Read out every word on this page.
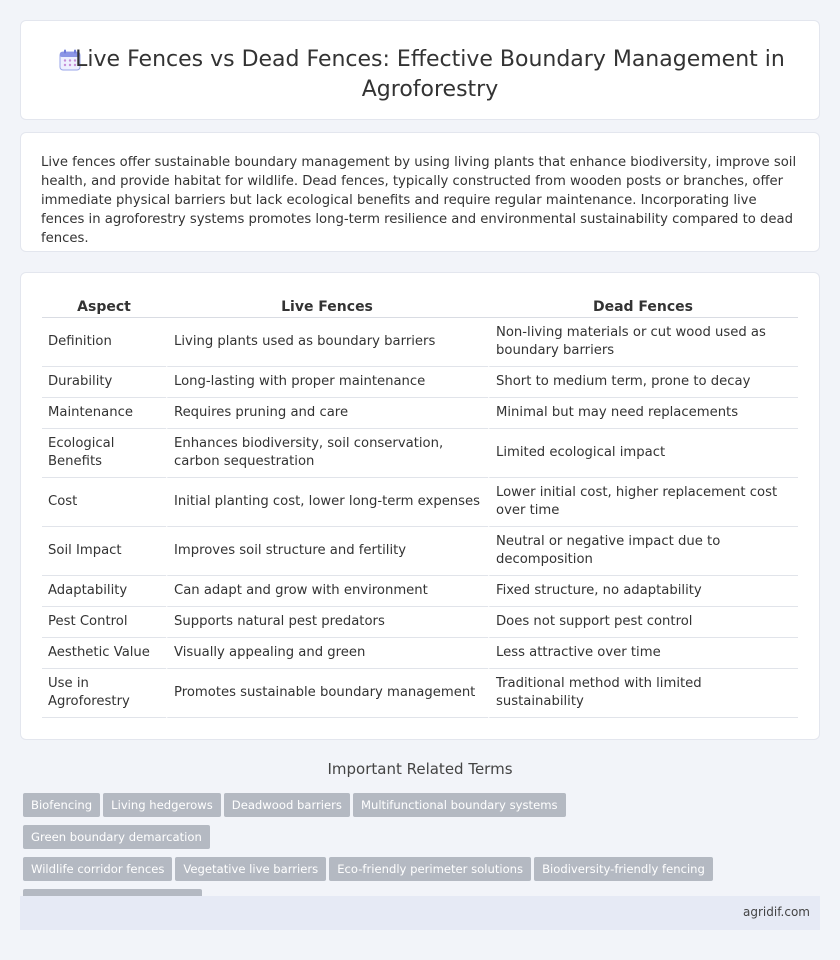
Live Fences vs Dead Fences: Effective Boundary Management in
Agroforestry

Live fences offer sustainable boundary management by using living plants that enhance biodiversity, improve soil health, and provide habitat for wildlife. Dead fences, typically constructed from wooden posts or branches, offer immediate physical barriers but lack ecological benefits and require regular maintenance. Incorporating live fences in agroforestry systems promotes long-term resilience and environmental sustainability compared to dead fences.

Aspect	Live Fences	Dead Fences
Definition	Living plants used as boundary barriers	Non-living materials or cut wood used as boundary barriers
Durability	Long-lasting with proper maintenance	Short to medium term, prone to decay
Maintenance	Requires pruning and care	Minimal but may need replacements
Ecological Benefits	Enhances biodiversity, soil conservation, carbon sequestration	Limited ecological impact
Cost	Initial planting cost, lower long-term expenses	Lower initial cost, higher replacement cost over time
Soil Impact	Improves soil structure and fertility	Neutral or negative impact due to decomposition
Adaptability	Can adapt and grow with environment	Fixed structure, no adaptability
Pest Control	Supports natural pest predators	Does not support pest control
Aesthetic Value	Visually appealing and green	Less attractive over time
Use in Agroforestry	Promotes sustainable boundary management	Traditional method with limited sustainability
Important Related Terms
Biofencing Living hedgerows Deadwood barriers Multifunctional boundary systemsGreen boundary demarcation
Wildlife corridor fences Vegetative live barriers Eco-friendly perimeter solutions Biodiversity-friendly fencing

agridif.com
